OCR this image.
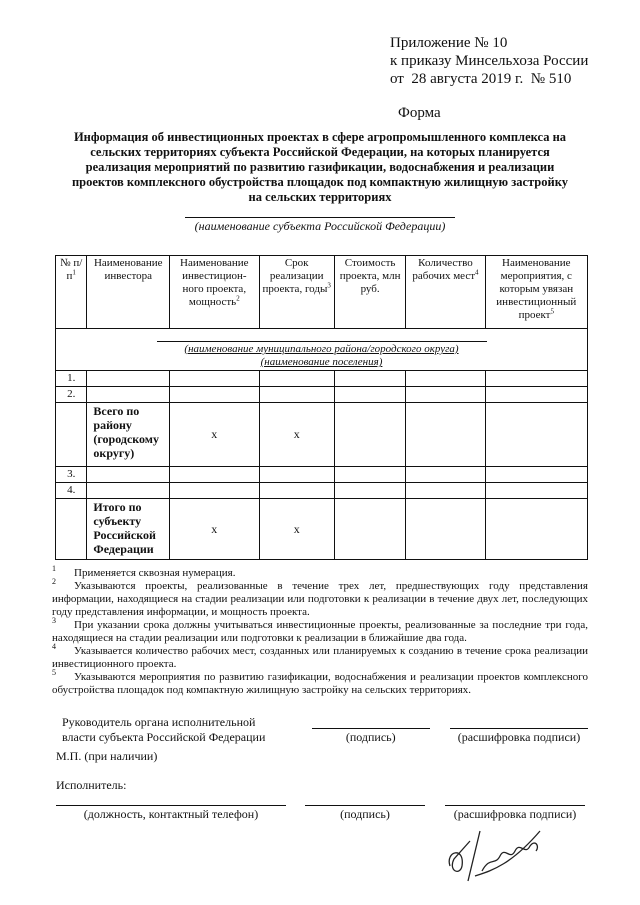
Приложение № 10
к приказу Минсельхоза России
от  28 августа 2019 г.  № 510
Форма
Информация об инвестиционных проектах в сфере агропромышленного комплекса на сельских территориях субъекта Российской Федерации, на которых планируется реализация мероприятий по развитию газификации, водоснабжения и реализации проектов комплексного обустройства площадок под компактную жилищную застройку на сельских территориях
(наименование субъекта Российской Федерации)
№ $п/п^1$	Наименование инвестора	Наименование инвестицион-ного проекта, мощность$^2$	Срок реализации проекта, годы$^3$	Стоимость проекта, млн руб.	Количество рабочих мест$^4$	Наименование мероприятия, с которым увязан инвестиционный проект$^5$

(наименование муниципального района/городского округа)
(наименование поселения)						

1.						
2.						
	Всего по району (городскому округу)	x	x			
3.						
4.						
	Итого по субъекту Российской Федерации	x	x			

1 Применяется сквозная нумерация.

2 Указываются проекты, реализованные в течение трех лет, предшествующих году представления информации, находящиеся на стадии реализации или подготовки к реализации в течение двух лет, последующих году представления информации, и мощность проекта.

3 При указании срока должны учитываться инвестиционные проекты, реализованные за последние три года, находящиеся на стадии реализации или подготовки к реализации в ближайшие два года.

4 Указывается количество рабочих мест, созданных или планируемых к созданию в течение срока реализации инвестиционного проекта.

5 Указываются мероприятия по развитию газификации, водоснабжения и реализации проектов комплексного обустройства площадок под компактную жилищную застройку на сельских территориях.

Руководитель органа исполнительной
власти субъекта Российской Федерации	(подпись)	(расшифровка подписи)
М.П. (при наличии)
Исполнитель:
(должность, контактный телефон)	(подпись)	(расшифровка подписи)
